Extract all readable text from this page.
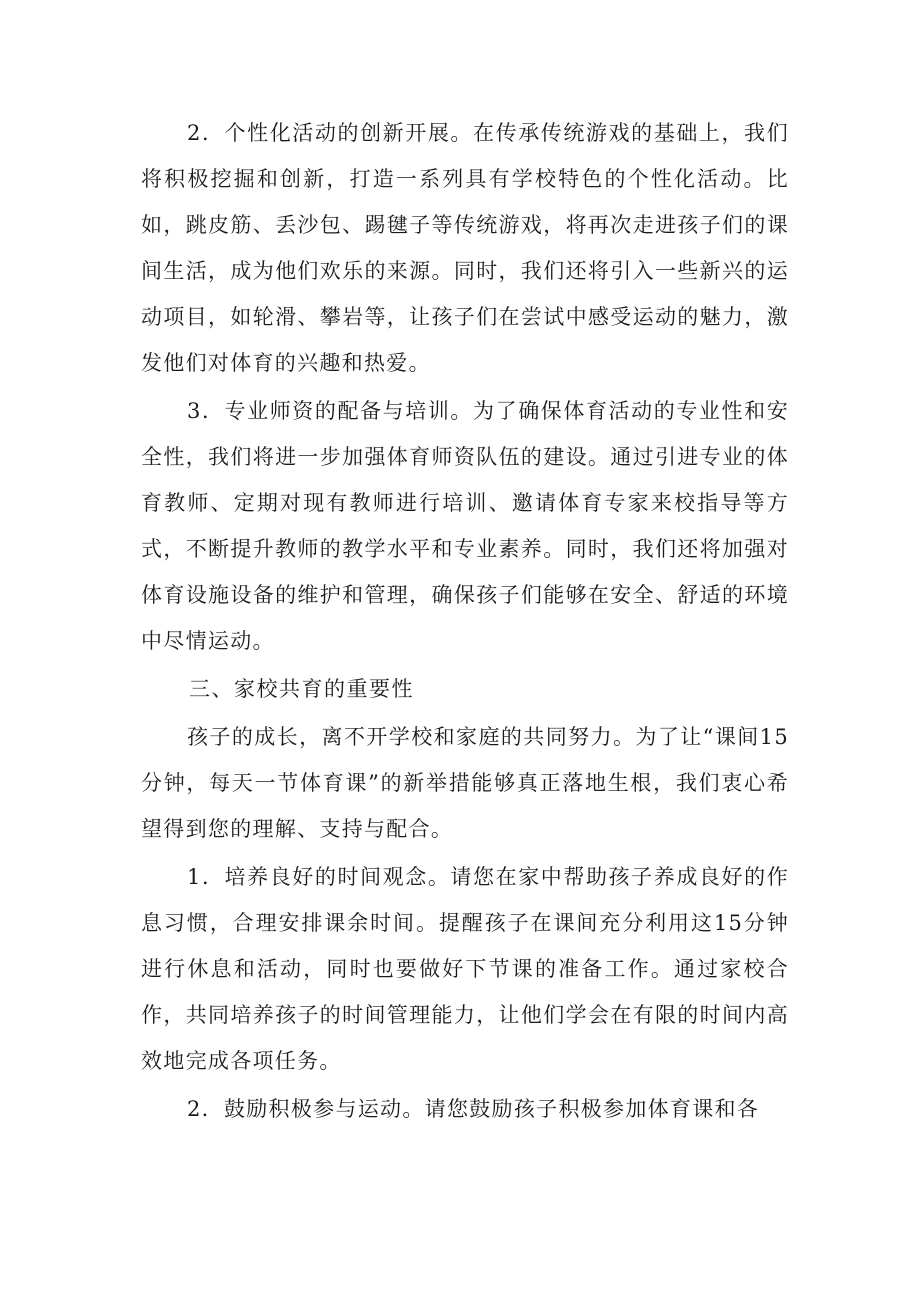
2．个性化活动的创新开展。在传承传统游戏的基础上，我们将积极挖掘和创新，打造一系列具有学校特色的个性化活动。比如，跳皮筋、丢沙包、踢毽子等传统游戏，将再次走进孩子们的课间生活，成为他们欢乐的来源。同时，我们还将引入一些新兴的运动项目，如轮滑、攀岩等，让孩子们在尝试中感受运动的魅力，激发他们对体育的兴趣和热爱。

3．专业师资的配备与培训。为了确保体育活动的专业性和安全性，我们将进一步加强体育师资队伍的建设。通过引进专业的体育教师、定期对现有教师进行培训、邀请体育专家来校指导等方式，不断提升教师的教学水平和专业素养。同时，我们还将加强对体育设施设备的维护和管理，确保孩子们能够在安全、舒适的环境中尽情运动。

三、家校共育的重要性

孩子的成长，离不开学校和家庭的共同努力。为了让“课间15分钟，每天一节体育课”的新举措能够真正落地生根，我们衷心希望得到您的理解、支持与配合。

1．培养良好的时间观念。请您在家中帮助孩子养成良好的作息习惯，合理安排课余时间。提醒孩子在课间充分利用这15分钟进行休息和活动，同时也要做好下节课的准备工作。通过家校合作，共同培养孩子的时间管理能力，让他们学会在有限的时间内高效地完成各项任务。

2．鼓励积极参与运动。请您鼓励孩子积极参加体育课和各
